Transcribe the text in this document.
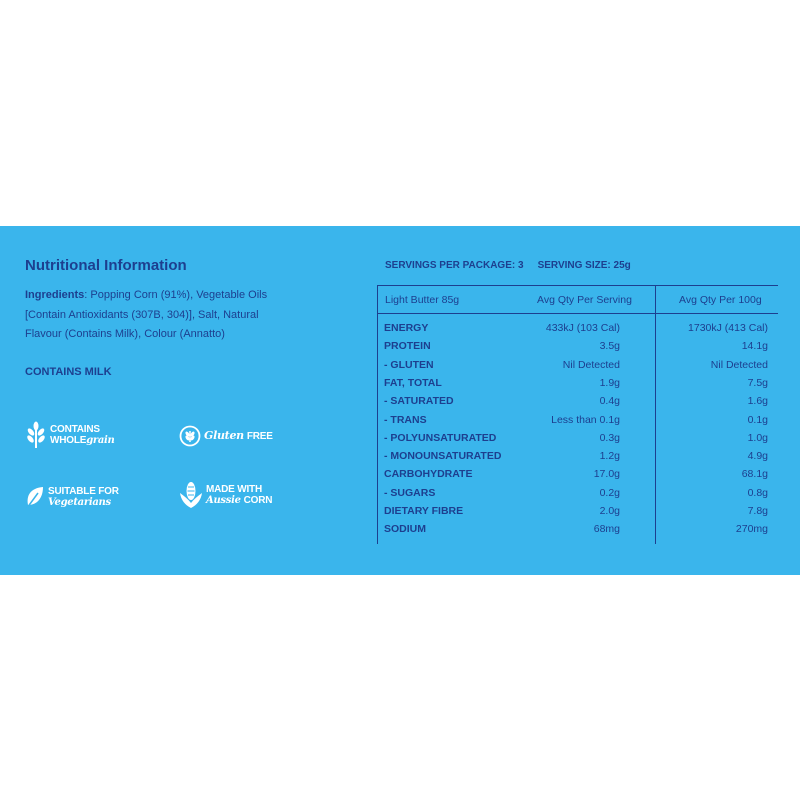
Nutritional Information
Ingredients: Popping Corn (91%), Vegetable Oils [Contain Antioxidants (307B, 304)], Salt, Natural Flavour (Contains Milk), Colour (Annatto)
CONTAINS MILK
CONTAINS
WHOLE grain	Gluten FREE
SUITABLE FOR
Vegetarians
MADE WITH
Aussie CORN
SERVINGS PER PACKAGE: 3 SERVING SIZE: 25g
Light Butter 85g	Avg Qty Per Serving	Avg Qty Per 100g
ENERGY	433kJ (103 Cal)	1730kJ (413 Cal)
PROTEIN	3.5g	14.1g
- GLUTEN	Nil Detected	Nil Detected
FAT, TOTAL	1.9g	7.5g
- SATURATED	0.4g	1.6g
- TRANS	Less than 0.1g	0.1g
- POLYUNSATURATED	0.3g	1.0g
- MONOUNSATURATED	1.2g	4.9g
CARBOHYDRATE	17.0g	68.1g
- SUGARS	0.2g	0.8g
DIETARY FIBRE	2.0g	7.8g
SODIUM	68mg	270mg
